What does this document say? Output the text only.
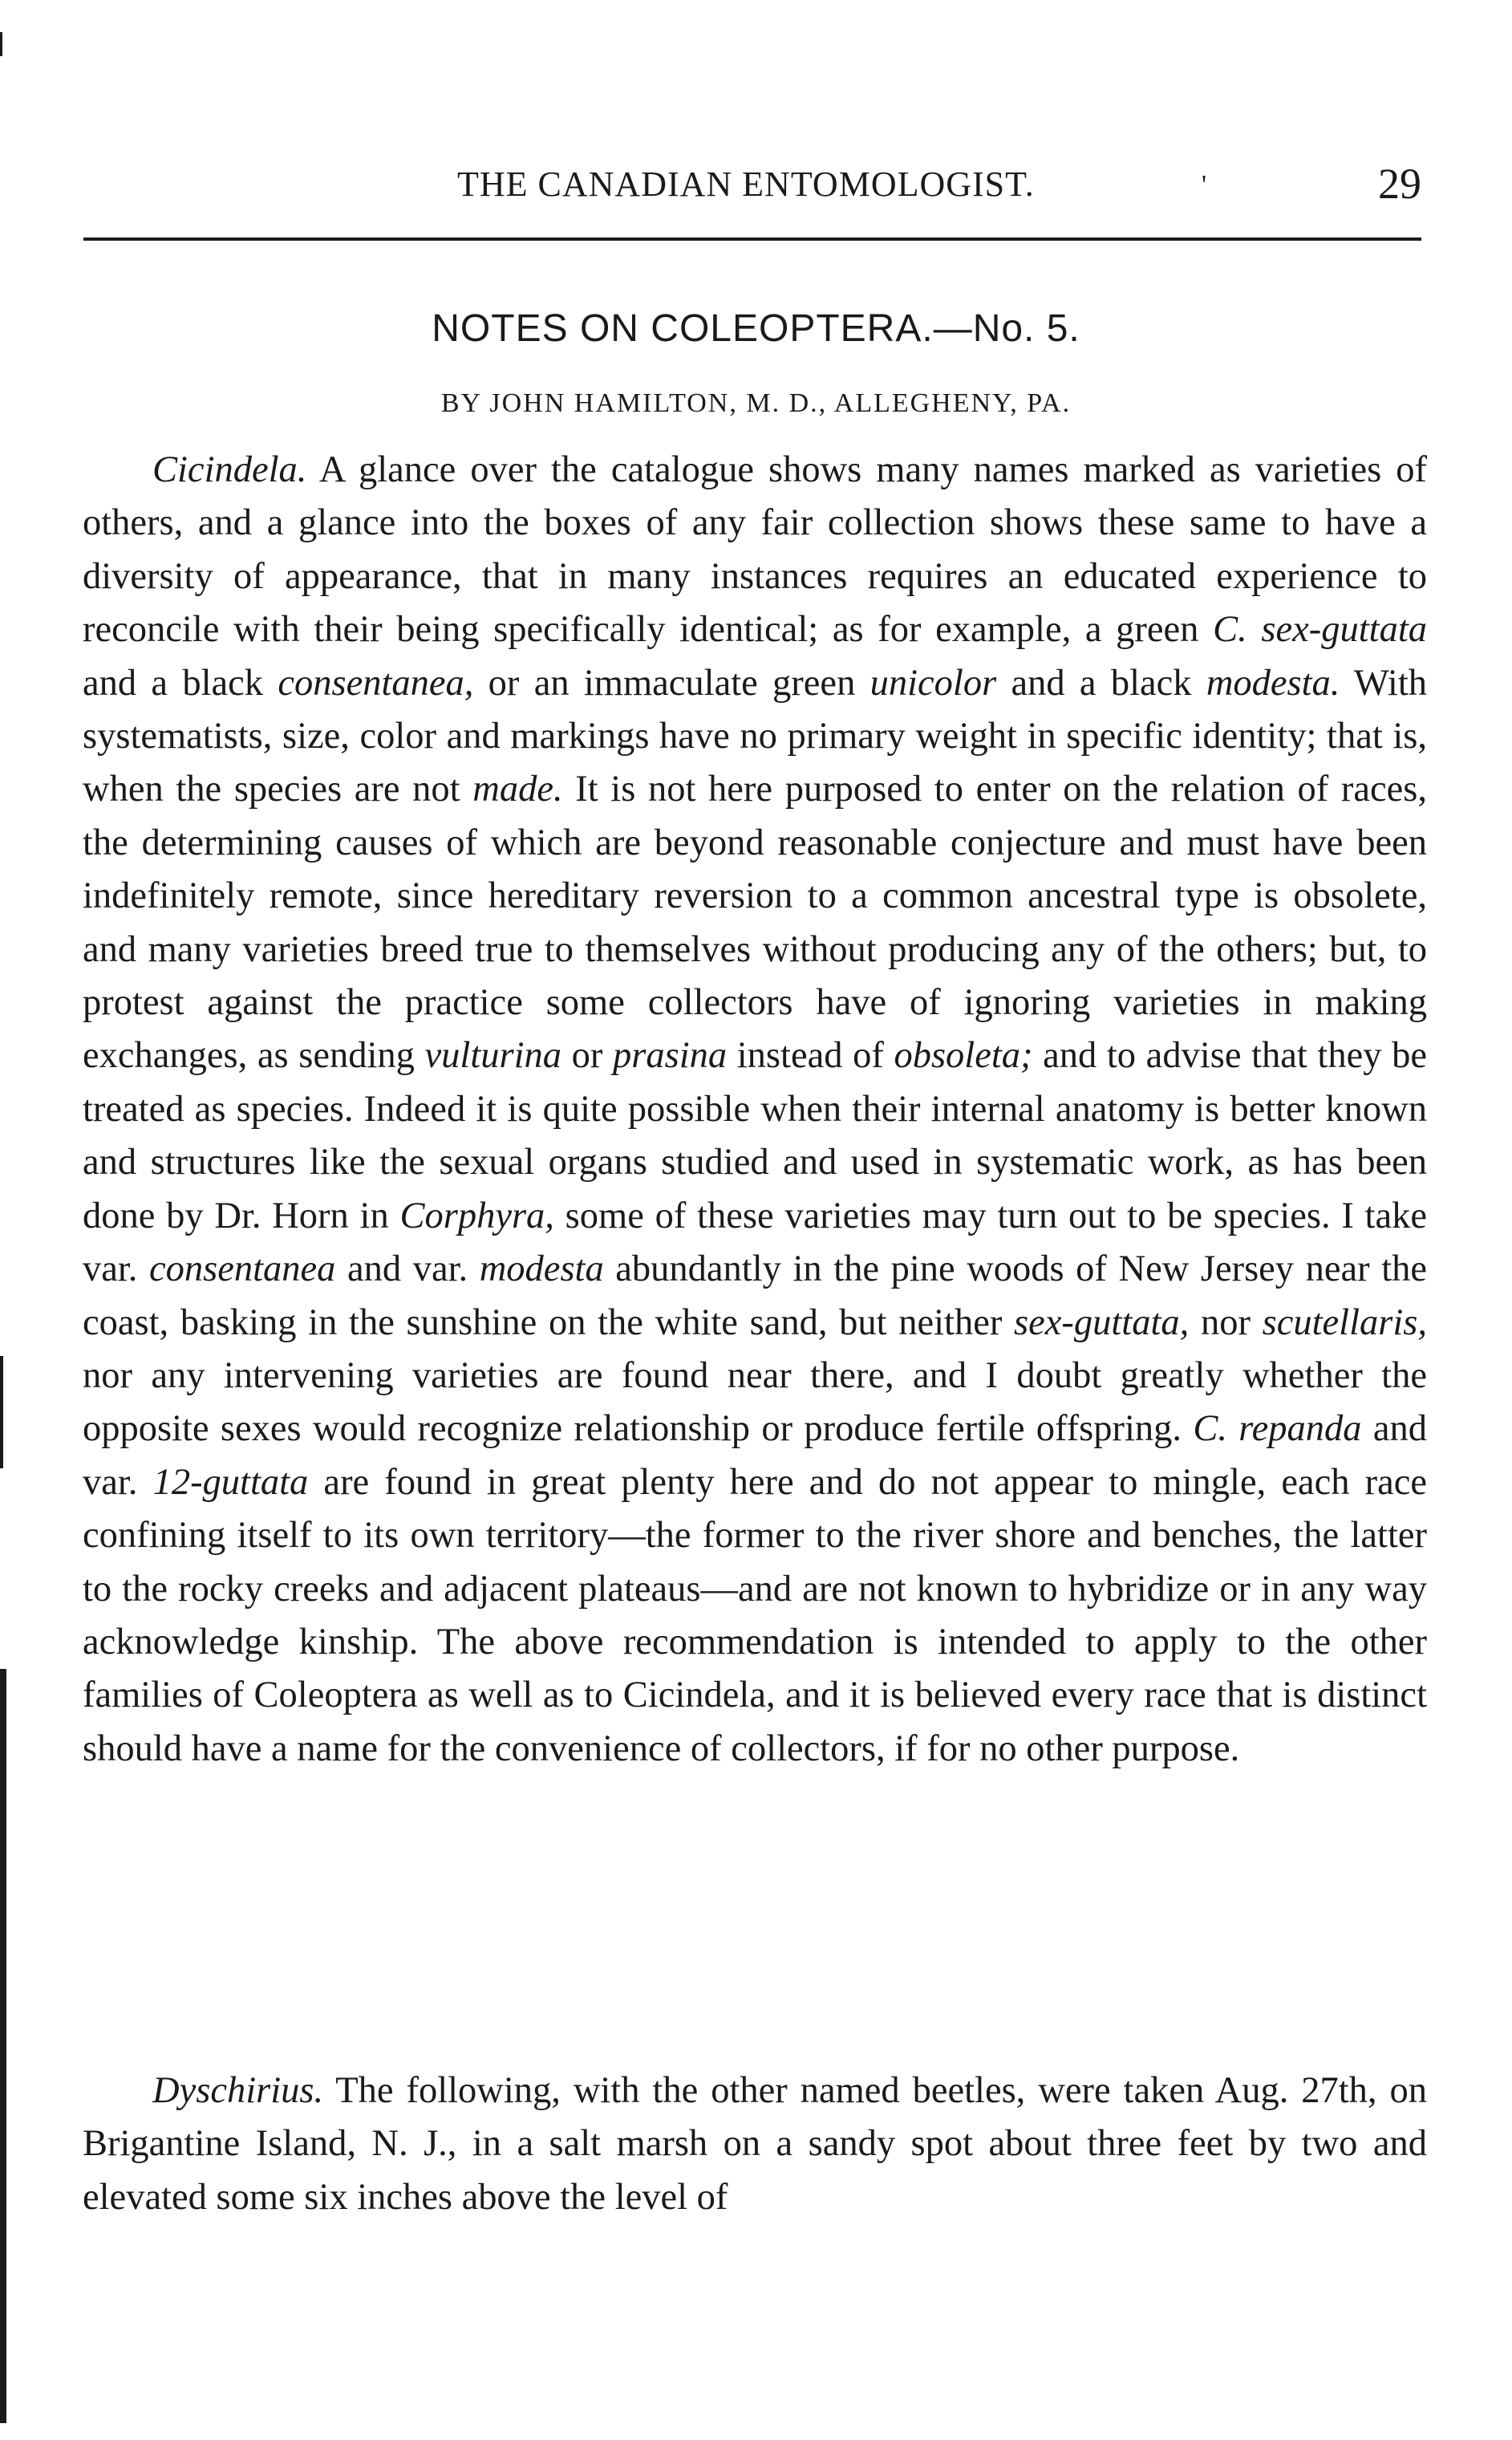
THE CANADIAN ENTOMOLOGIST.	'	29
NOTES ON COLEOPTERA.—No. 5.
BY JOHN HAMILTON, M. D., ALLEGHENY, PA.

Cicindela. A glance over the catalogue shows many names marked as varieties of others, and a glance into the boxes of any fair collection shows these same to have a diversity of appearance, that in many instances requires an educated experience to reconcile with their being specifically identical; as for example, a green C. sex-guttata and a black consentanea, or an immaculate green unicolor and a black modesta. With systematists, size, color and markings have no primary weight in specific identity; that is, when the species are not made. It is not here purposed to enter on the relation of races, the determining causes of which are beyond reasonable conjecture and must have been indefinitely remote, since hereditary reversion to a common ancestral type is obsolete, and many varieties breed true to themselves without producing any of the others; but, to protest against the practice some collectors have of ignoring varieties in making exchanges, as sending vulturina or prasina instead of obsoleta; and to advise that they be treated as species. Indeed it is quite possible when their internal anatomy is better known and structures like the sexual organs studied and used in systematic work, as has been done by Dr. Horn in Corphyra, some of these varieties may turn out to be species. I take var. consentanea and var. modesta abundantly in the pine woods of New Jersey near the coast, basking in the sunshine on the white sand, but neither sex-guttata, nor scutellaris, nor any intervening varieties are found near there, and I doubt greatly whether the opposite sexes would recognize relationship or produce fertile offspring. C. repanda and var. 12-guttata are found in great plenty here and do not appear to mingle, each race confining itself to its own territory—the former to the river shore and benches, the latter to the rocky creeks and adjacent plateaus—and are not known to hybridize or in any way acknowledge kinship. The above recommendation is intended to apply to the other families of Coleoptera as well as to Cicindela, and it is believed every race that is distinct should have a name for the convenience of collectors, if for no other purpose.

Dyschirius. The following, with the other named beetles, were taken Aug. 27th, on Brigantine Island, N. J., in a salt marsh on a sandy spot about three feet by two and elevated some six inches above the level of
